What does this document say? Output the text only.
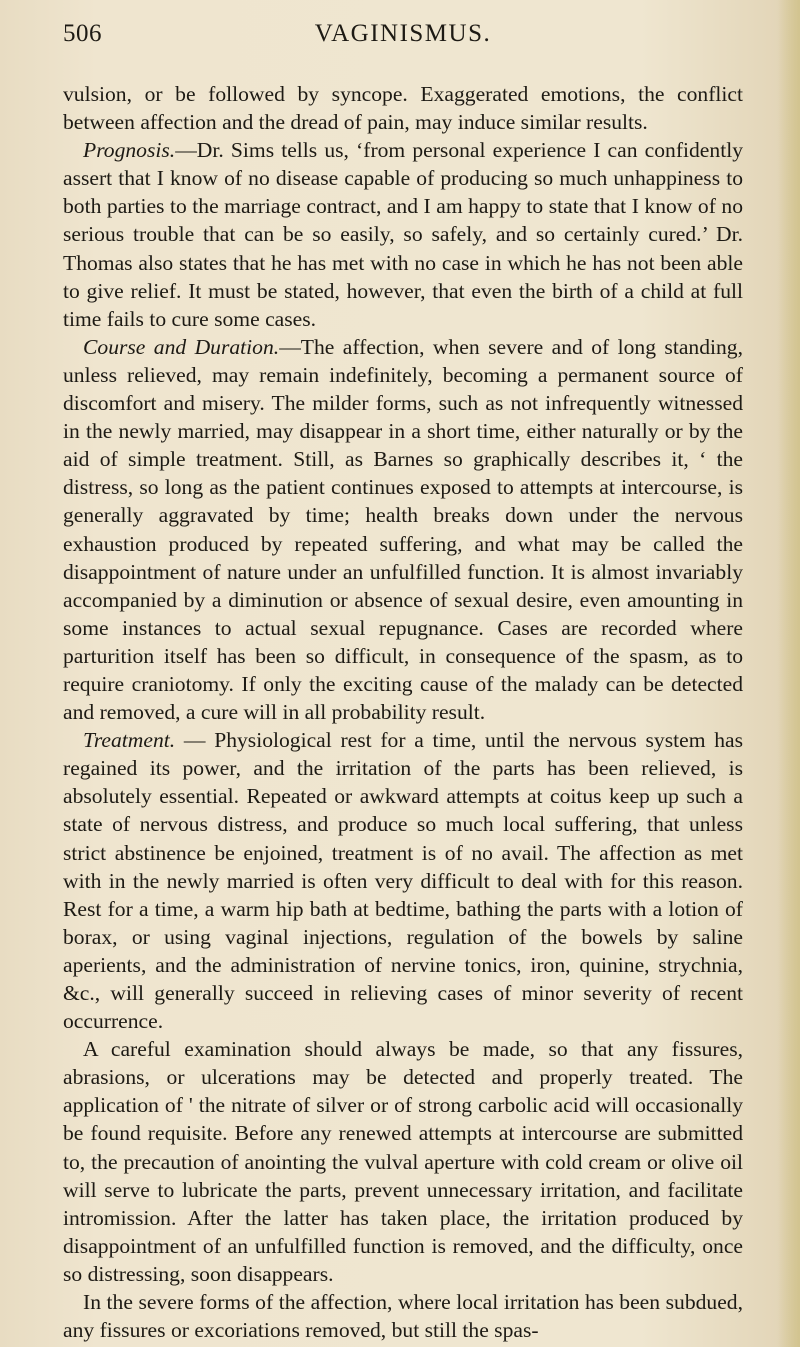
506	VAGINISMUS.

vulsion, or be followed by syncope. Exaggerated emotions, the conflict between affection and the dread of pain, may induce similar results.

Prognosis.—Dr. Sims tells us, ‘from personal experience I can confidently assert that I know of no disease capable of producing so much unhappiness to both parties to the marriage contract, and I am happy to state that I know of no serious trouble that can be so easily, so safely, and so certainly cured.’ Dr. Thomas also states that he has met with no case in which he has not been able to give relief. It must be stated, however, that even the birth of a child at full time fails to cure some cases.

Course and Duration.—The affection, when severe and of long standing, unless relieved, may remain indefinitely, becoming a permanent source of discomfort and misery. The milder forms, such as not infrequently witnessed in the newly married, may disappear in a short time, either naturally or by the aid of simple treatment. Still, as Barnes so graphically describes it, ‘ the distress, so long as the patient continues exposed to attempts at intercourse, is generally aggravated by time; health breaks down under the nervous exhaustion produced by repeated suffering, and what may be called the disappointment of nature under an unfulfilled function. It is almost invariably accompanied by a diminution or absence of sexual desire, even amounting in some instances to actual sexual repugnance. Cases are recorded where parturition itself has been so difficult, in consequence of the spasm, as to require craniotomy. If only the exciting cause of the malady can be detected and removed, a cure will in all probability result.

Treatment. — Physiological rest for a time, until the nervous system has regained its power, and the irritation of the parts has been relieved, is absolutely essential. Repeated or awkward attempts at coitus keep up such a state of nervous distress, and produce so much local suffering, that unless strict abstinence be enjoined, treatment is of no avail. The affection as met with in the newly married is often very difficult to deal with for this reason. Rest for a time, a warm hip bath at bedtime, bathing the parts with a lotion of borax, or using vaginal injections, regulation of the bowels by saline aperients, and the administration of nervine tonics, iron, quinine, strychnia, &c., will generally succeed in relieving cases of minor severity of recent occurrence.

A careful examination should always be made, so that any fissures, abrasions, or ulcerations may be detected and properly treated. The application of ' the nitrate of silver or of strong carbolic acid will occasionally be found requisite. Before any renewed attempts at intercourse are submitted to, the precaution of anointing the vulval aperture with cold cream or olive oil will serve to lubricate the parts, prevent unnecessary irritation, and facilitate intromission. After the latter has taken place, the irritation produced by disappointment of an unfulfilled function is removed, and the difficulty, once so distressing, soon disappears.

In the severe forms of the affection, where local irritation has been subdued, any fissures or excoriations removed, but still the spas-
